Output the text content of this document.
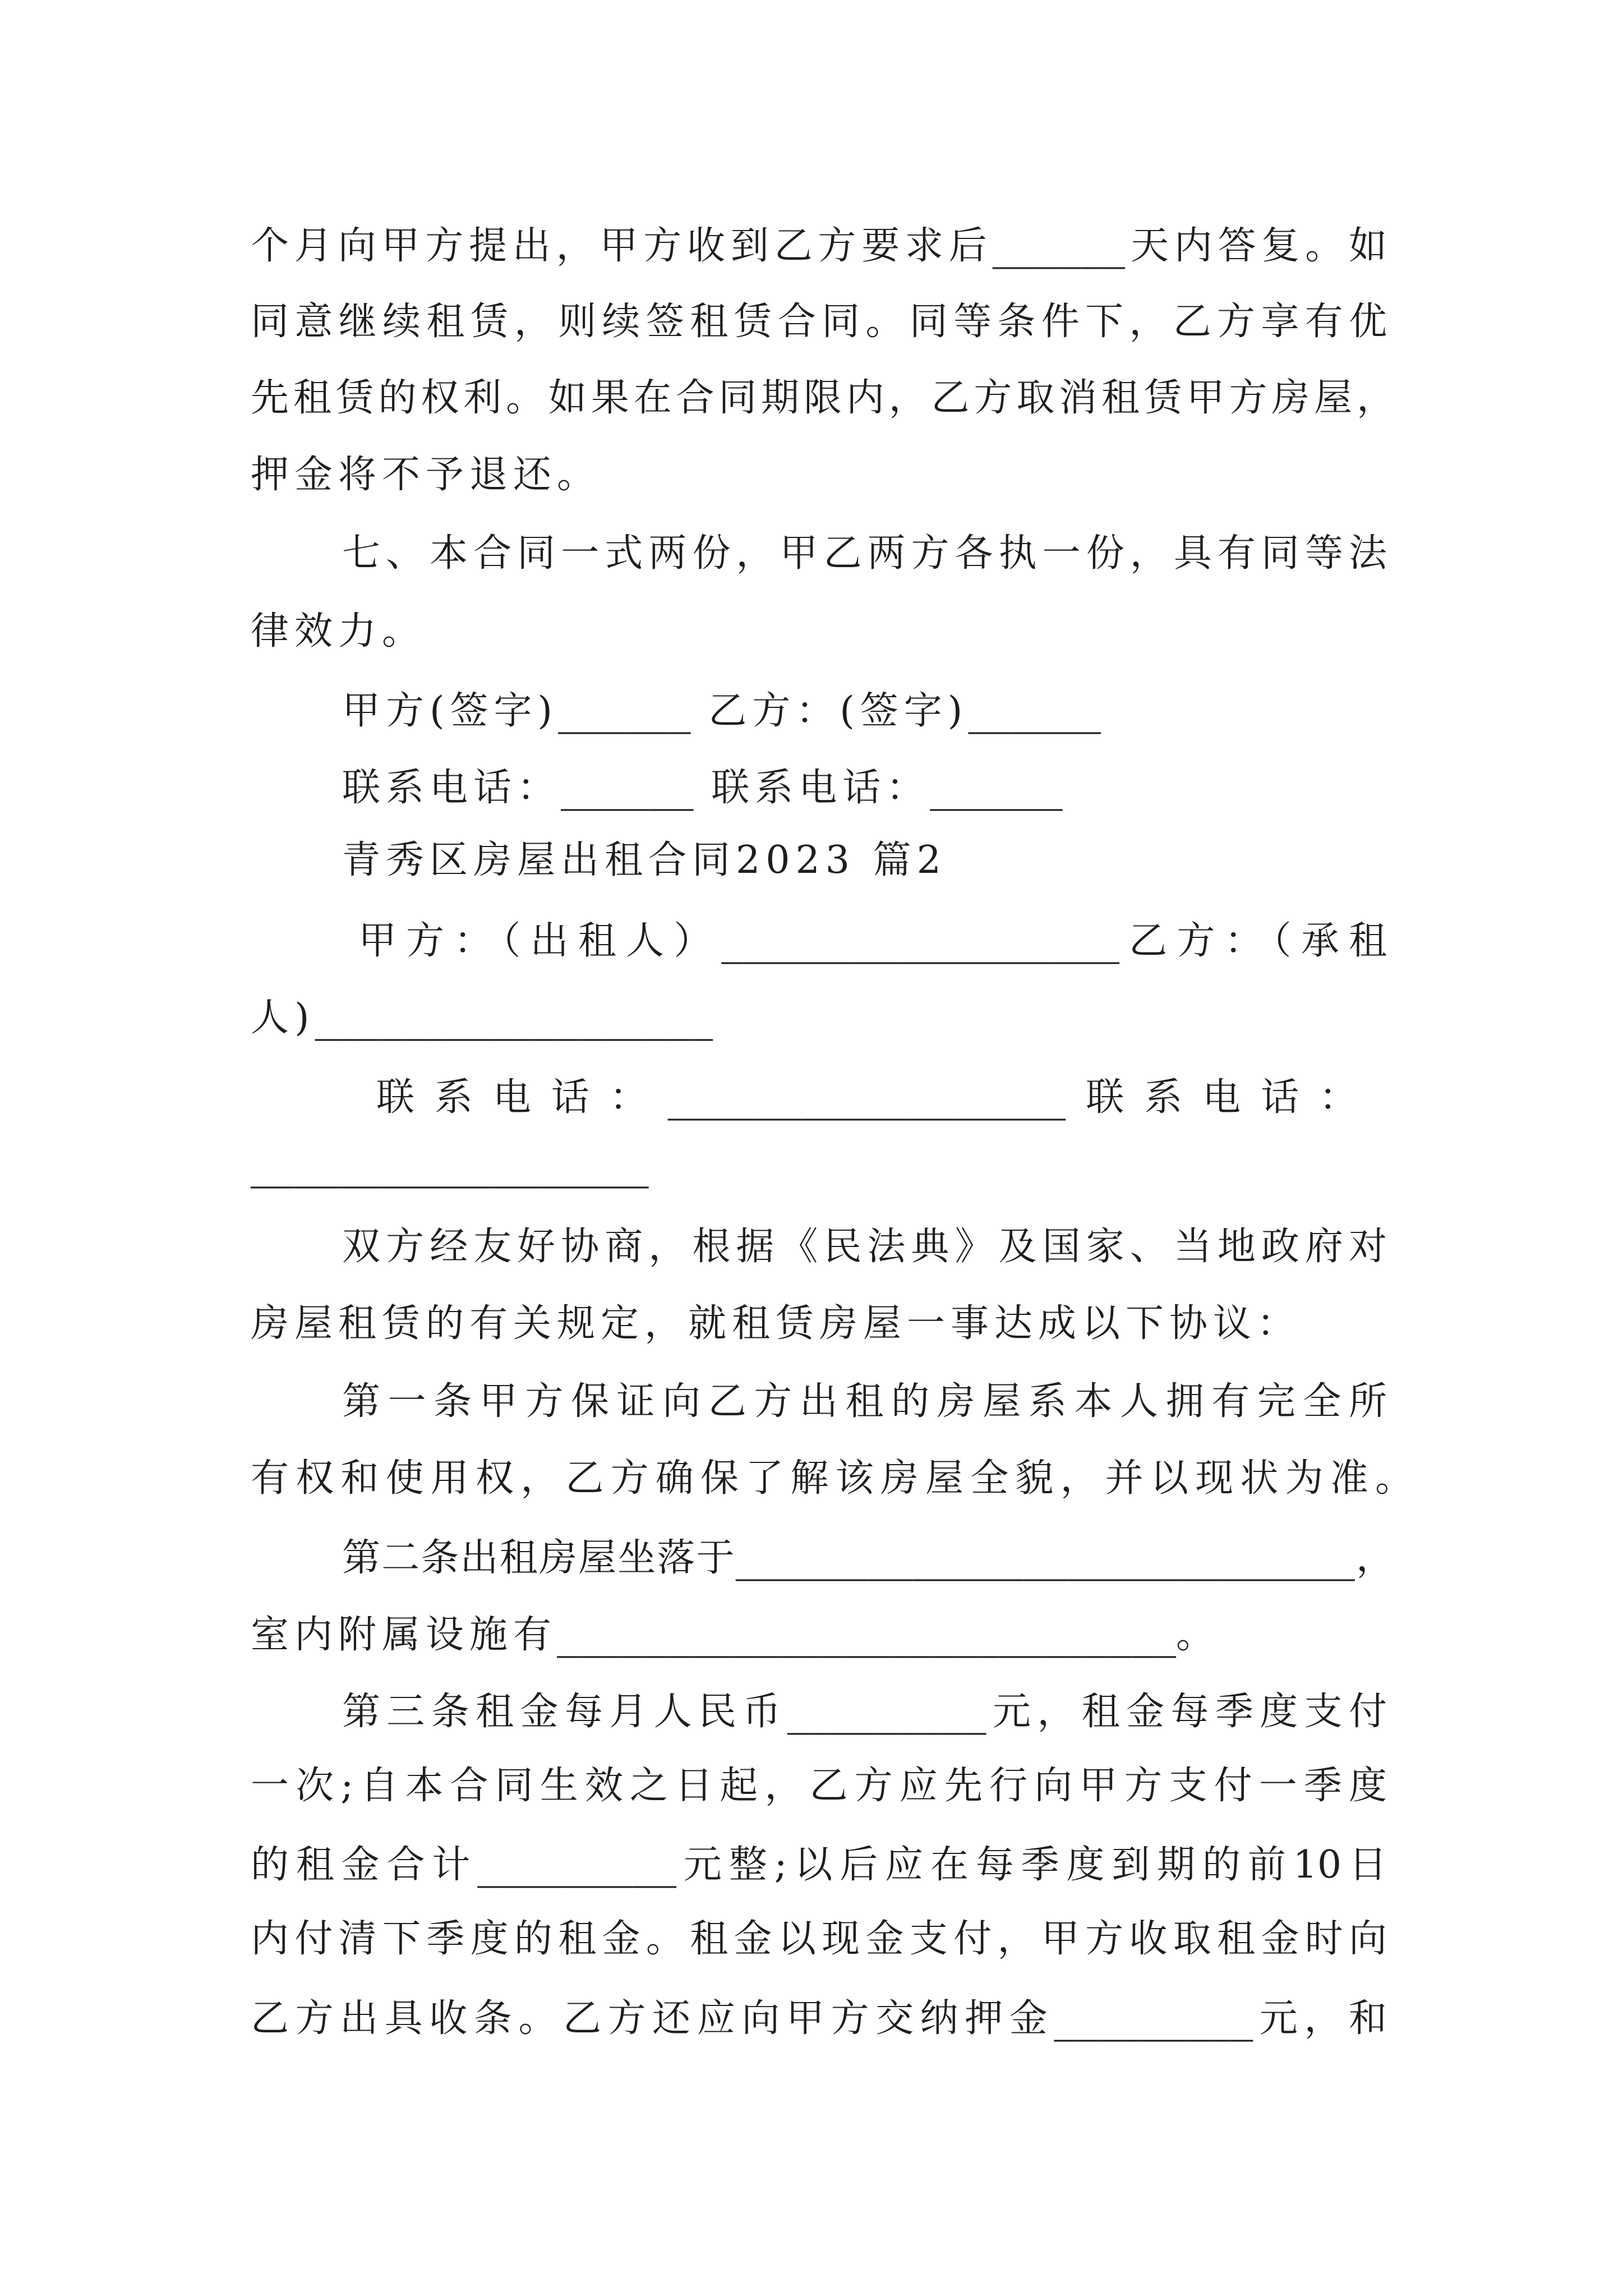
个月向甲方提出，甲方收到乙方要求后______天内答复。如
同意继续租赁，则续签租赁合同。同等条件下，乙方享有优
先租赁的权利。如果在合同期限内，乙方取消租赁甲方房屋，
押金将不予退还。
七、本合同一式两份，甲乙两方各执一份，具有同等法
律效力。
甲方(签字)______ 乙方：(签字)______
联系电话：______ 联系电话：______
青秀区房屋出租合同2023 篇2
甲方：（出租人）__________________乙方：（承租
人)__________________
联系电话：__________________联系电话：
__________________
双方经友好协商，根据《民法典》及国家、当地政府对
房屋租赁的有关规定，就租赁房屋一事达成以下协议：
第一条甲方保证向乙方出租的房屋系本人拥有完全所
有权和使用权，乙方确保了解该房屋全貌，并以现状为准。
第二条出租房屋坐落于____________________________，
室内附属设施有____________________________。
第三条租金每月人民币_________元，租金每季度支付
一次;自本合同生效之日起，乙方应先行向甲方支付一季度
的租金合计_________元整;以后应在每季度到期的前10日
内付清下季度的租金。租金以现金支付，甲方收取租金时向
乙方出具收条。乙方还应向甲方交纳押金_________元，和
